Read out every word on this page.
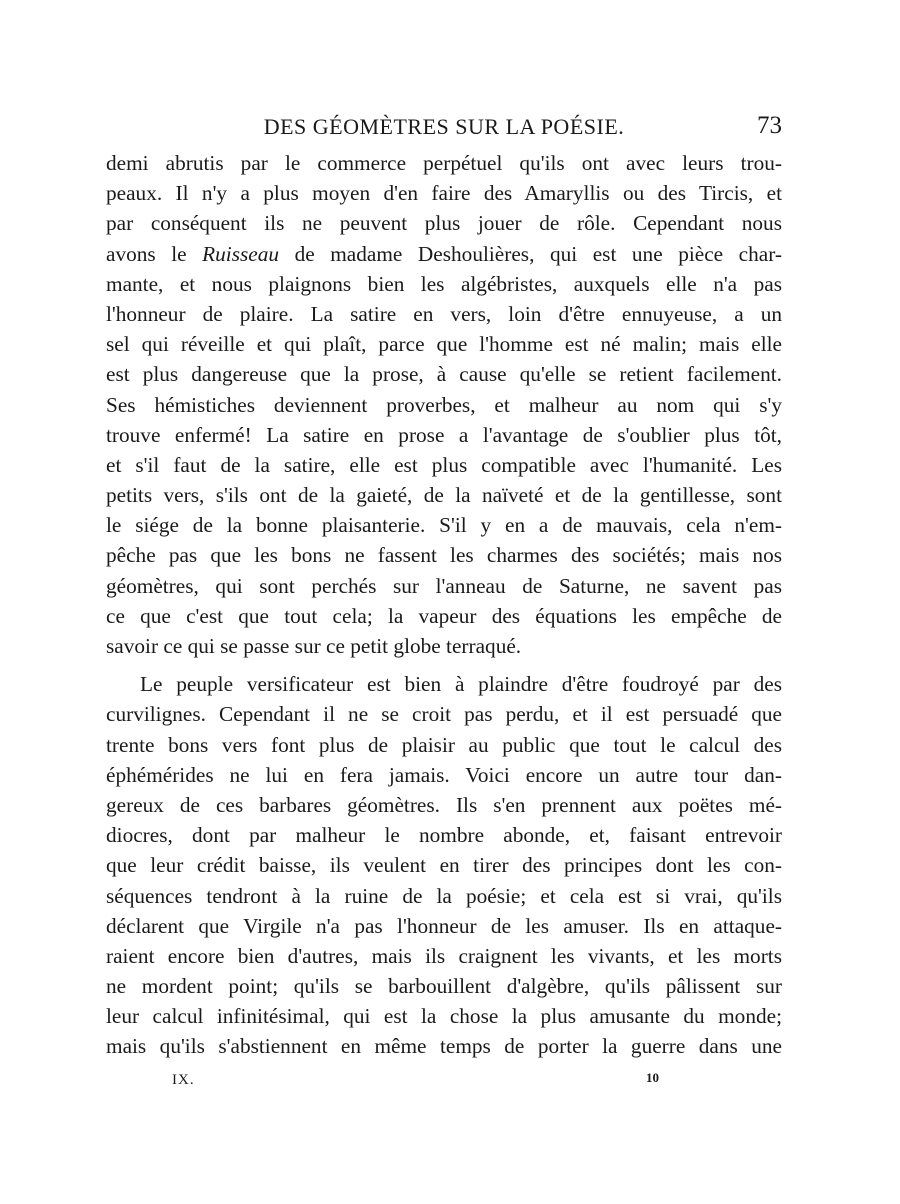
DES GÉOMÈTRES SUR LA POÉSIE.	73
demi abrutis par le commerce perpétuel qu'ils ont avec leurs trou-
peaux. Il n'y a plus moyen d'en faire des Amaryllis ou des Tircis, et
par conséquent ils ne peuvent plus jouer de rôle. Cependant nous
avons le Ruisseau de madame Deshoulières, qui est une pièce char-
mante, et nous plaignons bien les algébristes, auxquels elle n'a pas
l'honneur de plaire. La satire en vers, loin d'être ennuyeuse, a un
sel qui réveille et qui plaît, parce que l'homme est né malin; mais elle
est plus dangereuse que la prose, à cause qu'elle se retient facilement.
Ses hémistiches deviennent proverbes, et malheur au nom qui s'y
trouve enfermé! La satire en prose a l'avantage de s'oublier plus tôt,
et s'il faut de la satire, elle est plus compatible avec l'humanité. Les
petits vers, s'ils ont de la gaieté, de la naïveté et de la gentillesse, sont
le siége de la bonne plaisanterie. S'il y en a de mauvais, cela n'em-
pêche pas que les bons ne fassent les charmes des sociétés; mais nos
géomètres, qui sont perchés sur l'anneau de Saturne, ne savent pas
ce que c'est que tout cela; la vapeur des équations les empêche de
savoir ce qui se passe sur ce petit globe terraqué.
Le peuple versificateur est bien à plaindre d'être foudroyé par des
curvilignes. Cependant il ne se croit pas perdu, et il est persuadé que
trente bons vers font plus de plaisir au public que tout le calcul des
éphémérides ne lui en fera jamais. Voici encore un autre tour dan-
gereux de ces barbares géomètres. Ils s'en prennent aux poëtes mé-
diocres, dont par malheur le nombre abonde, et, faisant entrevoir
que leur crédit baisse, ils veulent en tirer des principes dont les con-
séquences tendront à la ruine de la poésie; et cela est si vrai, qu'ils
déclarent que Virgile n'a pas l'honneur de les amuser. Ils en attaque-
raient encore bien d'autres, mais ils craignent les vivants, et les morts
ne mordent point; qu'ils se barbouillent d'algèbre, qu'ils pâlissent sur
leur calcul infinitésimal, qui est la chose la plus amusante du monde;
mais qu'ils s'abstiennent en même temps de porter la guerre dans une
IX.	10
